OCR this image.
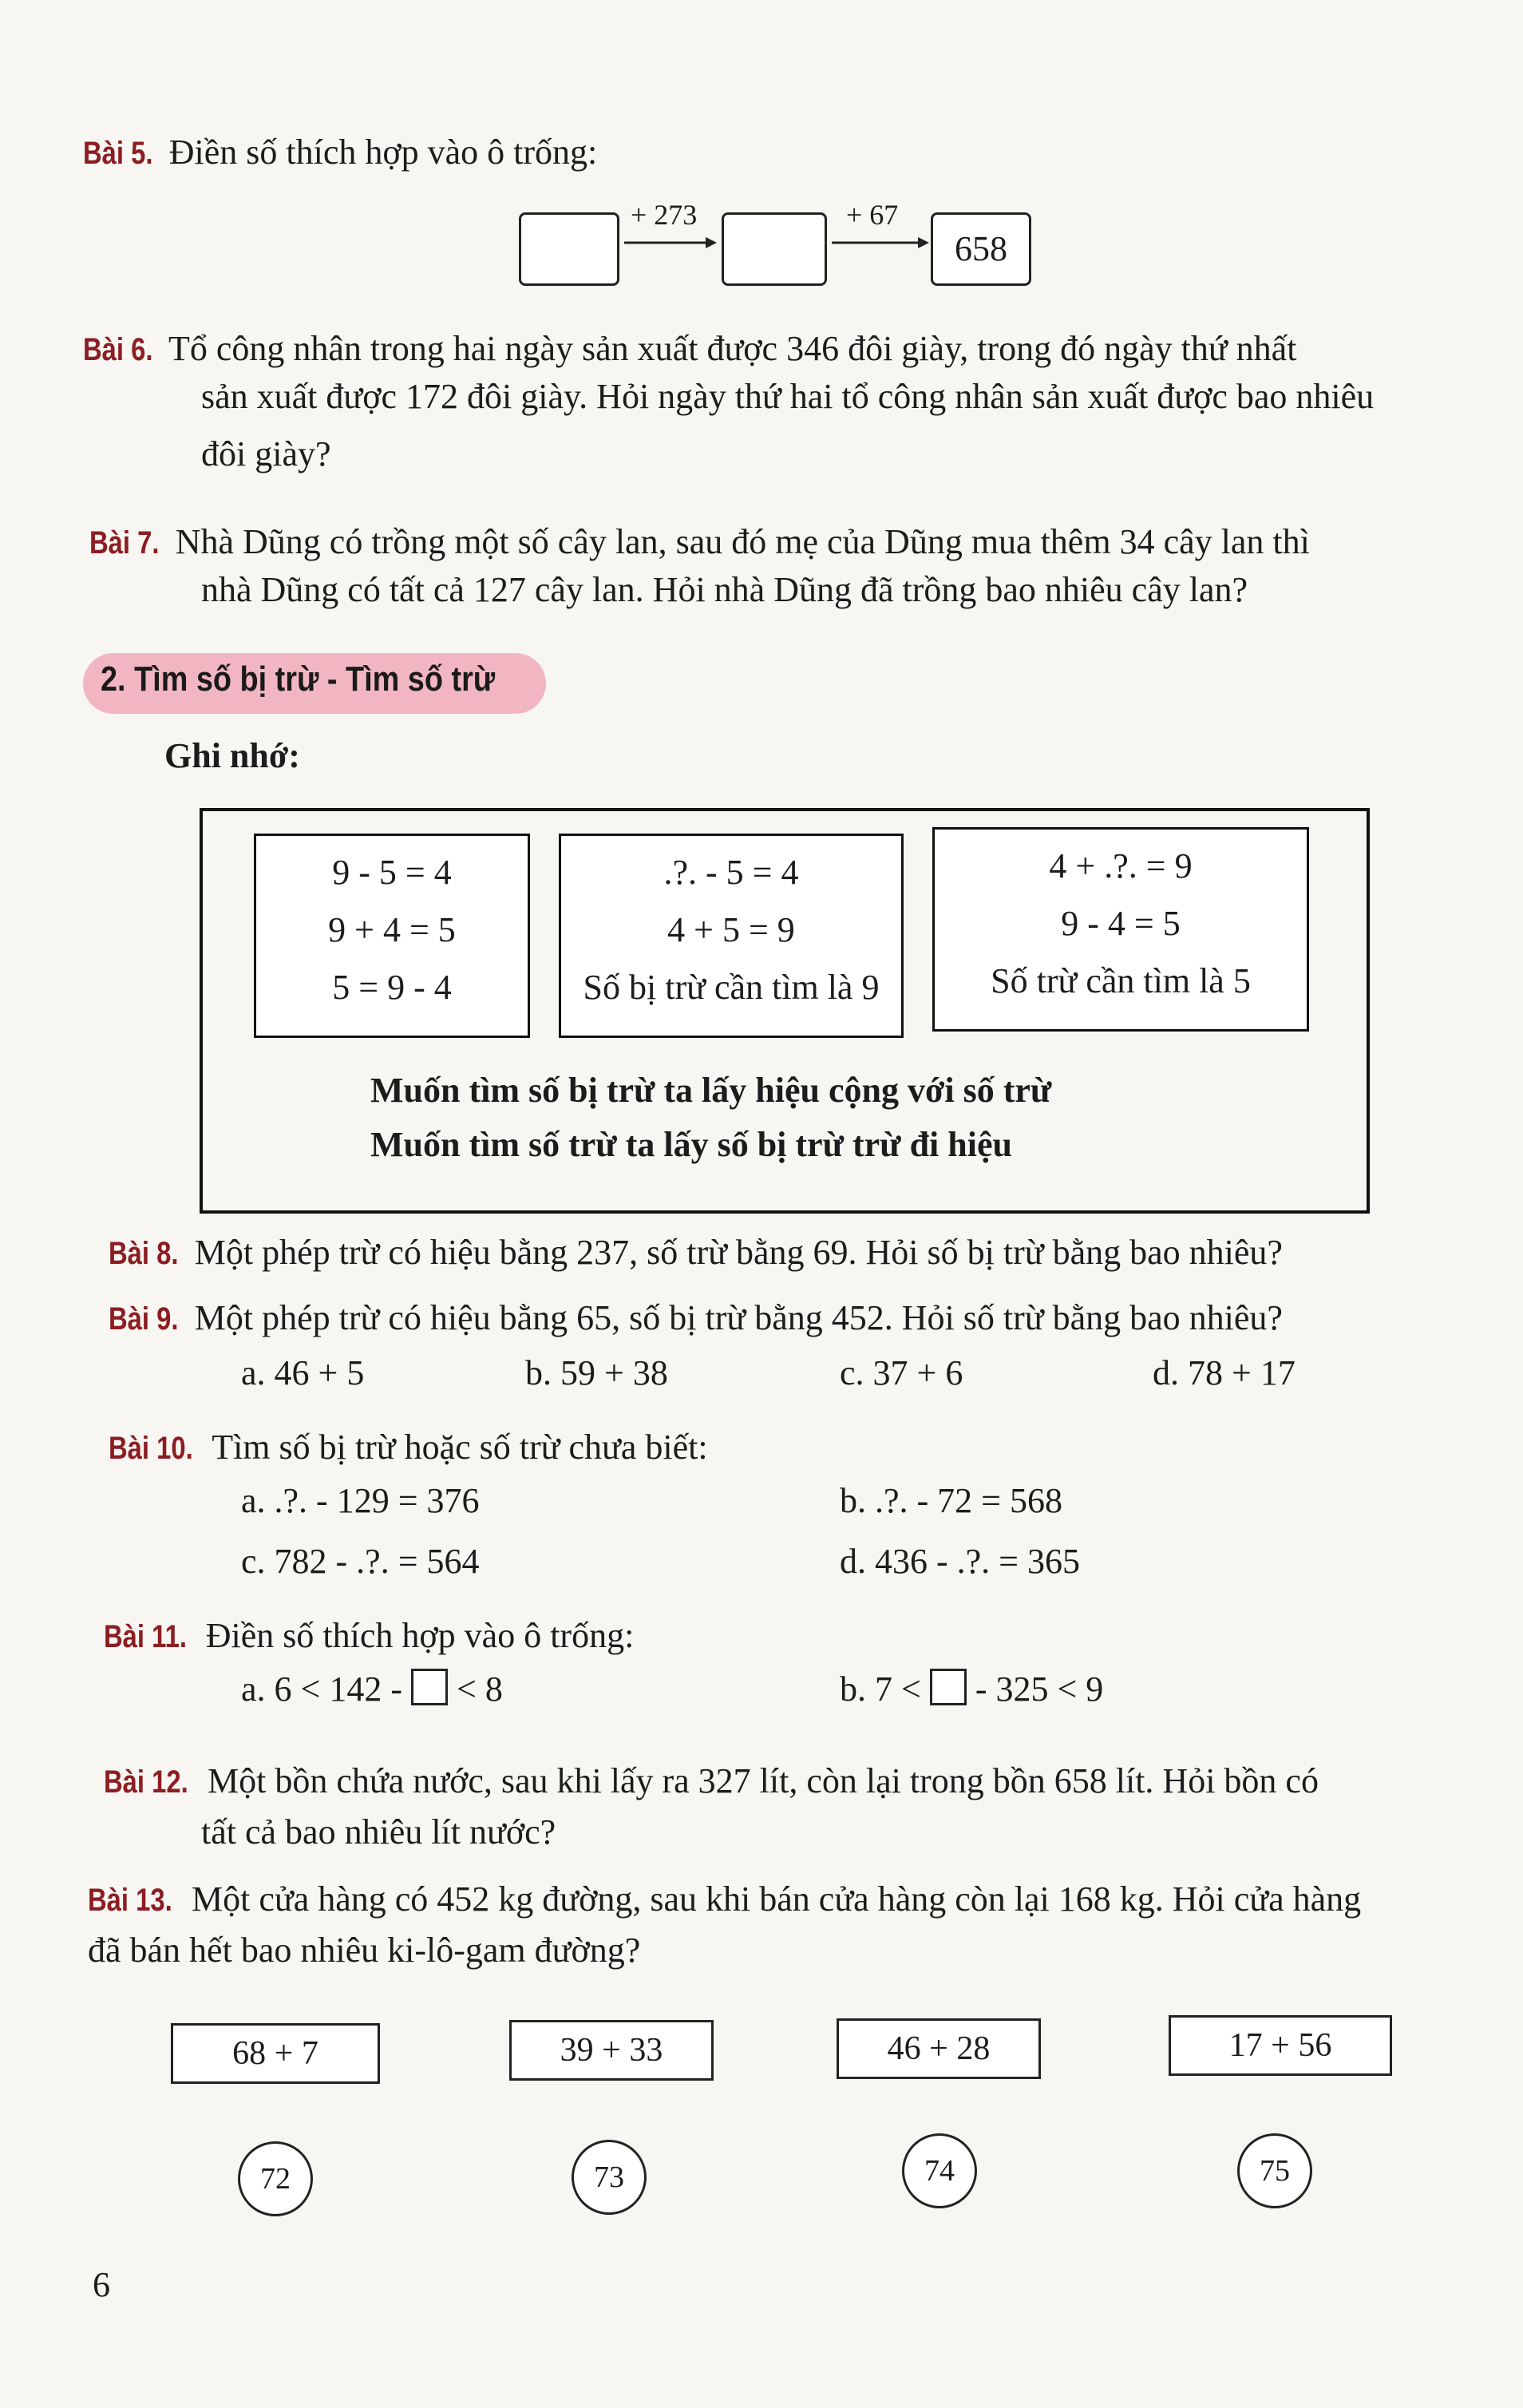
Bài 5. Điền số thích hợp vào ô trống:
+ 273	+ 67
658
Bài 6. Tổ công nhân trong hai ngày sản xuất được 346 đôi giày, trong đó ngày thứ nhất
sản xuất được 172 đôi giày. Hỏi ngày thứ hai tổ công nhân sản xuất được bao nhiêu
đôi giày?
Bài 7. Nhà Dũng có trồng một số cây lan, sau đó mẹ của Dũng mua thêm 34 cây lan thì
nhà Dũng có tất cả 127 cây lan. Hỏi nhà Dũng đã trồng bao nhiêu cây lan?
2. Tìm số bị trừ - Tìm số trừ
Ghi nhớ:
9 - 5 = 4
9 + 4 = 5
5 = 9 - 4
.?. - 5 = 4
4 + 5 = 9
Số bị trừ cần tìm là 9
4 + .?. = 9
9 - 4 = 5
Số trừ cần tìm là 5
Muốn tìm số bị trừ ta lấy hiệu cộng với số trừ
Muốn tìm số trừ ta lấy số bị trừ trừ đi hiệu
Bài 8. Một phép trừ có hiệu bằng 237, số trừ bằng 69. Hỏi số bị trừ bằng bao nhiêu?
Bài 9. Một phép trừ có hiệu bằng 65, số bị trừ bằng 452. Hỏi số trừ bằng bao nhiêu?
a. 46 + 5	b. 59 + 38	c. 37 + 6	d. 78 + 17
Bài 10. Tìm số bị trừ hoặc số trừ chưa biết:
a. .?. - 129 = 376	b. .?. - 72 = 568
c. 782 - .?. = 564	d. 436 - .?. = 365
Bài 11. Điền số thích hợp vào ô trống:
a. 6 < 142 - < 8	b. 7 < - 325 < 9
Bài 12. Một bồn chứa nước, sau khi lấy ra 327 lít, còn lại trong bồn 658 lít. Hỏi bồn có
tất cả bao nhiêu lít nước?
Bài 13. Một cửa hàng có 452 kg đường, sau khi bán cửa hàng còn lại 168 kg. Hỏi cửa hàng
đã bán hết bao nhiêu ki-lô-gam đường?
68 + 7	39 + 33	46 + 28	17 + 56
72	73	74	75
6
